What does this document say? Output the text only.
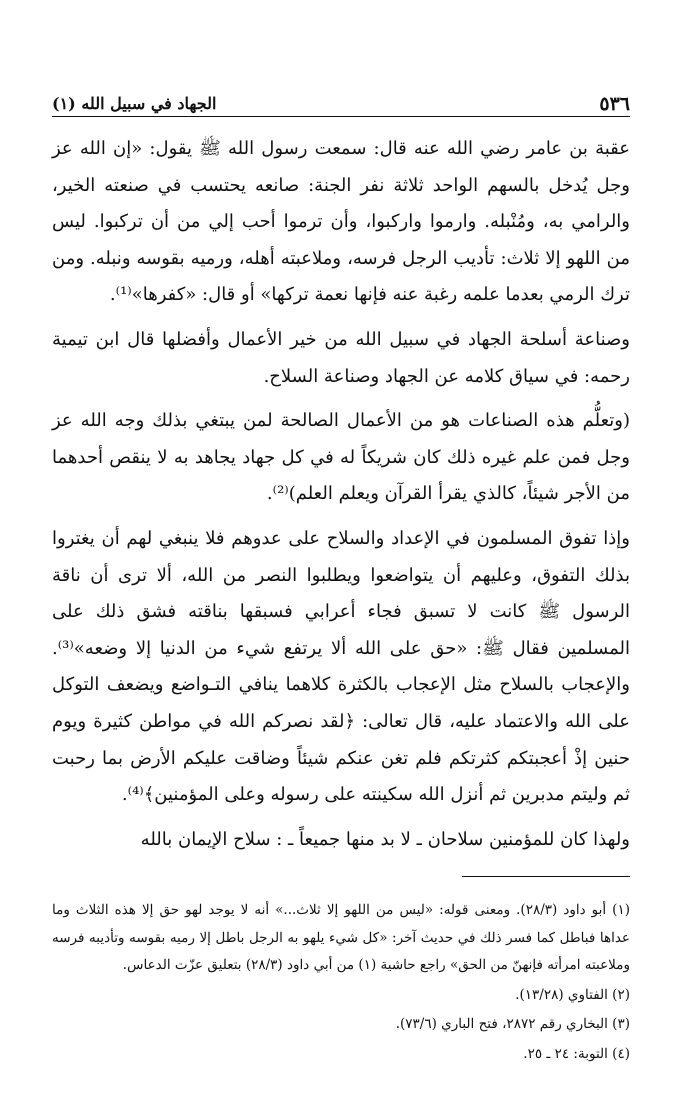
٥٣٦
الجهاد في سبيل الله (١)

عقبة بن عامر رضي الله عنه قال: سمعت رسول الله ﷺ يقول: «إن الله عز وجل يُدخل بالسهم الواحد ثلاثة نفر الجنة: صانعه يحتسب في صنعته الخير، والرامي به، ومُنْبله. وارموا واركبوا، وأن ترموا أحب إلي من أن تركبوا. ليس من اللهو إلا ثلاث: تأديب الرجل فرسه، وملاعبته أهله، ورميه بقوسه ونبله. ومن ترك الرمي بعدما علمه رغبة عنه فإنها نعمة تركها» أو قال: «كفرها»⁽¹⁾.

وصناعة أسلحة الجهاد في سبيل الله من خير الأعمال وأفضلها قال ابن تيمية رحمه: في سياق كلامه عن الجهاد وصناعة السلاح.

(وتعلُّم هذه الصناعات هو من الأعمال الصالحة لمن يبتغي بذلك وجه الله عز وجل فمن علم غيره ذلك كان شريكاً له في كل جهاد يجاهد به لا ينقص أحدهما من الأجر شيئاً، كالذي يقرأ القرآن ويعلم العلم)⁽²⁾.

وإذا تفوق المسلمون في الإعداد والسلاح على عدوهم فلا ينبغي لهم أن يغتروا بذلك التفوق، وعليهم أن يتواضعوا ويطلبوا النصر من الله، ألا ترى أن ناقة الرسول ﷺ كانت لا تسبق فجاء أعرابي فسبقها بناقته فشق ذلك على المسلمين فقال ﷺ: «حق على الله ألا يرتفع شيء من الدنيا إلا وضعه»⁽³⁾. والإعجاب بالسلاح مثل الإعجاب بالكثرة كلاهما ينافي التـواضع ويضعف التوكل على الله والاعتماد عليه، قال تعالى: ﴿لقد نصركم الله في مواطن كثيرة ويوم حنين إذْ أعجبتكم كثرتكم فلم تغن عنكم شيئاً وضاقت عليكم الأرض بما رحبت ثم وليتم مدبرين ثم أنزل الله سكينته على رسوله وعلى المؤمنين﴾⁽⁴⁾.

ولهذا كان للمؤمنين سلاحان ـ لا بد منها جميعاً ـ : سلاح الإيمان بالله

(١) أبو داود (٢٨/٣). ومعنى قوله: «ليس من اللهو إلا ثلاث...» أنه لا يوجد لهو حق إلا هذه الثلاث وما عداها فباطل كما فسر ذلك في حديث آخر: «كل شيء يلهو به الرجل باطل إلا رميه بقوسه وتأديبه فرسه وملاعبته امرأته فإنهنّ من الحق» راجع حاشية (١) من أبي داود (٢٨/٣) بتعليق عزّت الدعاس.

(٢) الفتاوي (١٣/٢٨).

(٣) البخاري رقم ٢٨٧٢، فتح الباري (٧٣/٦).

(٤) التوبة: ٢٤ ـ ٢٥.
